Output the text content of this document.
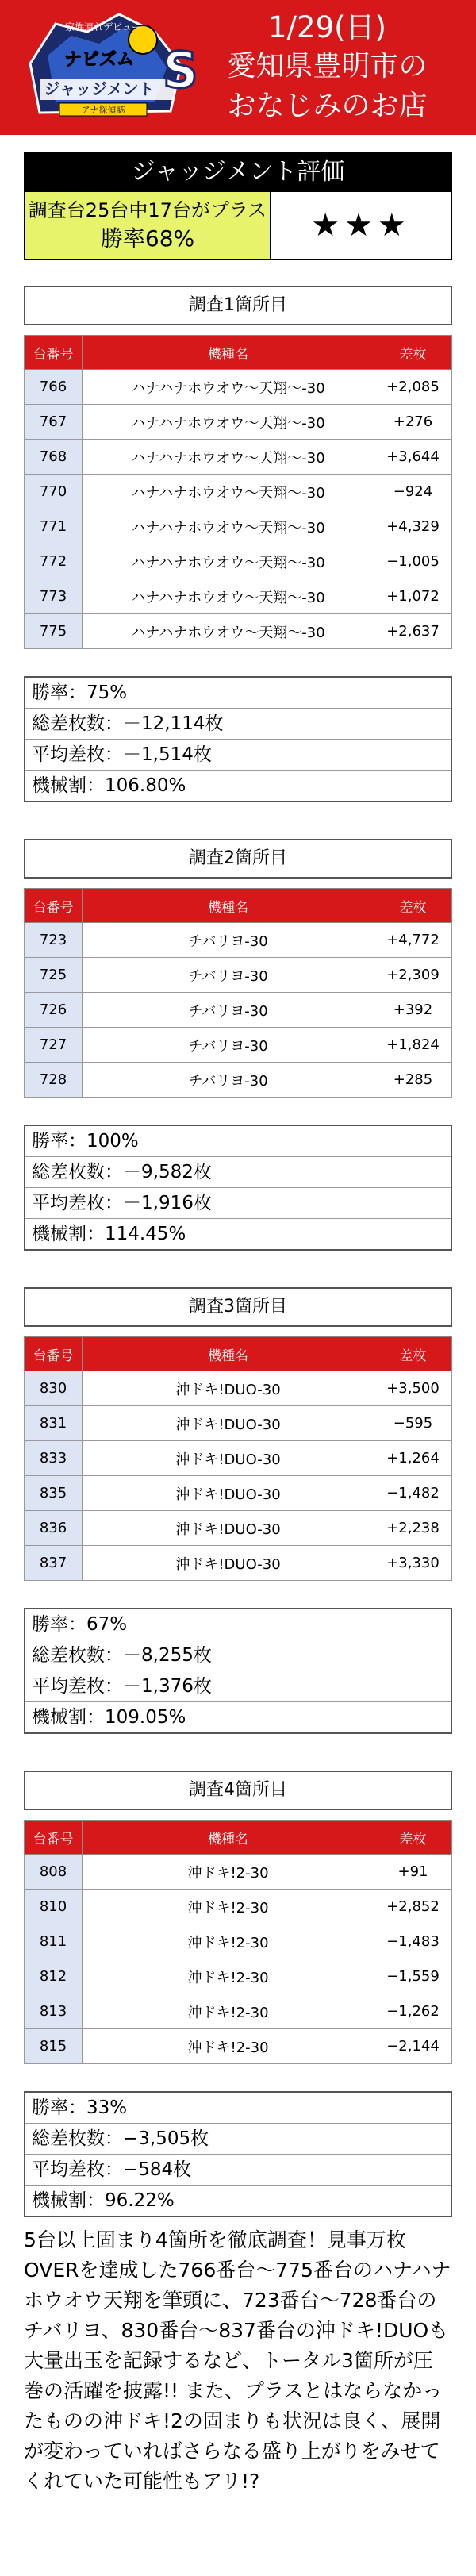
S
家族連れデビュー
ナビズム
ジャッジメント
アナ探偵誌
1/29(日)
愛知県豊明市の
おなじみのお店
ジャッジメント評価
調査台25台中17台がプラス
勝率68%	★★★
調査1箇所目
台番号	機種名	差枚
766	ハナハナホウオウ〜天翔〜-30	+2,085
767	ハナハナホウオウ〜天翔〜-30	+276
768	ハナハナホウオウ〜天翔〜-30	+3,644
770	ハナハナホウオウ〜天翔〜-30	−924
771	ハナハナホウオウ〜天翔〜-30	+4,329
772	ハナハナホウオウ〜天翔〜-30	−1,005
773	ハナハナホウオウ〜天翔〜-30	+1,072
775	ハナハナホウオウ〜天翔〜-30	+2,637
勝率：75%
総差枚数：＋12,114枚
平均差枚：＋1,514枚
機械割：106.80%
調査2箇所目
台番号	機種名	差枚
723	チバリヨ-30	+4,772
725	チバリヨ-30	+2,309
726	チバリヨ-30	+392
727	チバリヨ-30	+1,824
728	チバリヨ-30	+285
勝率：100%
総差枚数：＋9,582枚
平均差枚：＋1,916枚
機械割：114.45%
調査3箇所目
台番号	機種名	差枚
830	沖ドキ!DUO-30	+3,500
831	沖ドキ!DUO-30	−595
833	沖ドキ!DUO-30	+1,264
835	沖ドキ!DUO-30	−1,482
836	沖ドキ!DUO-30	+2,238
837	沖ドキ!DUO-30	+3,330
勝率：67%
総差枚数：＋8,255枚
平均差枚：＋1,376枚
機械割：109.05%
調査4箇所目
台番号	機種名	差枚
808	沖ドキ!2-30	+91
810	沖ドキ!2-30	+2,852
811	沖ドキ!2-30	−1,483
812	沖ドキ!2-30	−1,559
813	沖ドキ!2-30	−1,262
815	沖ドキ!2-30	−2,144
勝率：33%
総差枚数：−3,505枚
平均差枚：−584枚
機械割：96.22%
5台以上固まり4箇所を徹底調査！見事万枚OVERを達成した766番台〜775番台のハナハナホウオウ天翔を筆頭に、723番台〜728番台のチバリヨ、830番台〜837番台の沖ドキ!DUOも大量出玉を記録するなど、トータル3箇所が圧巻の活躍を披露!! また、プラスとはならなかったものの沖ドキ!2の固まりも状況は良く、展開が変わっていればさらなる盛り上がりをみせてくれていた可能性もアリ!?
